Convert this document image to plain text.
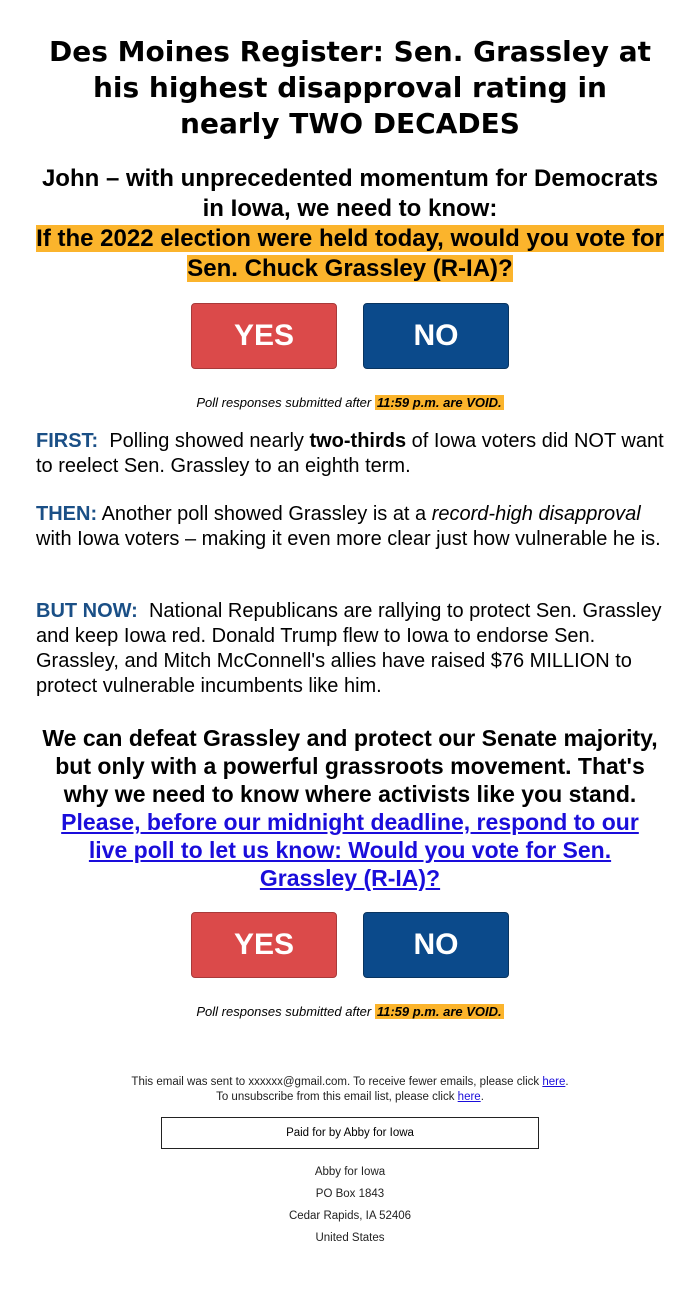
Des Moines Register: Sen. Grassley at his highest disapproval rating in nearly TWO DECADES
John – with unprecedented momentum for Democrats in Iowa, we need to know:
If the 2022 election were held today, would you vote for Sen. Chuck Grassley (R-IA)?
YES	NO
Poll responses submitted after 11:59 p.m. are VOID.

FIRST:  Polling showed nearly two-thirds of Iowa voters did NOT want to reelect Sen. Grassley to an eighth term.

THEN: Another poll showed Grassley is at a record-high disapproval with Iowa voters – making it even more clear just how vulnerable he is.

BUT NOW:  National Republicans are rallying to protect Sen. Grassley and keep Iowa red. Donald Trump flew to Iowa to endorse Sen. Grassley, and Mitch McConnell's allies have raised $76 MILLION to protect vulnerable incumbents like him.

We can defeat Grassley and protect our Senate majority, but only with a powerful grassroots movement. That's why we need to know where activists like you stand. Please, before our midnight deadline, respond to our live poll to let us know: Would you vote for Sen. Grassley (R-IA)?
YES	NO
Poll responses submitted after 11:59 p.m. are VOID.
This email was sent to xxxxxx@gmail.com. To receive fewer emails, please click here.
To unsubscribe from this email list, please click here.
Paid for by Abby for Iowa
Abby for Iowa
PO Box 1843
Cedar Rapids, IA 52406
United States
